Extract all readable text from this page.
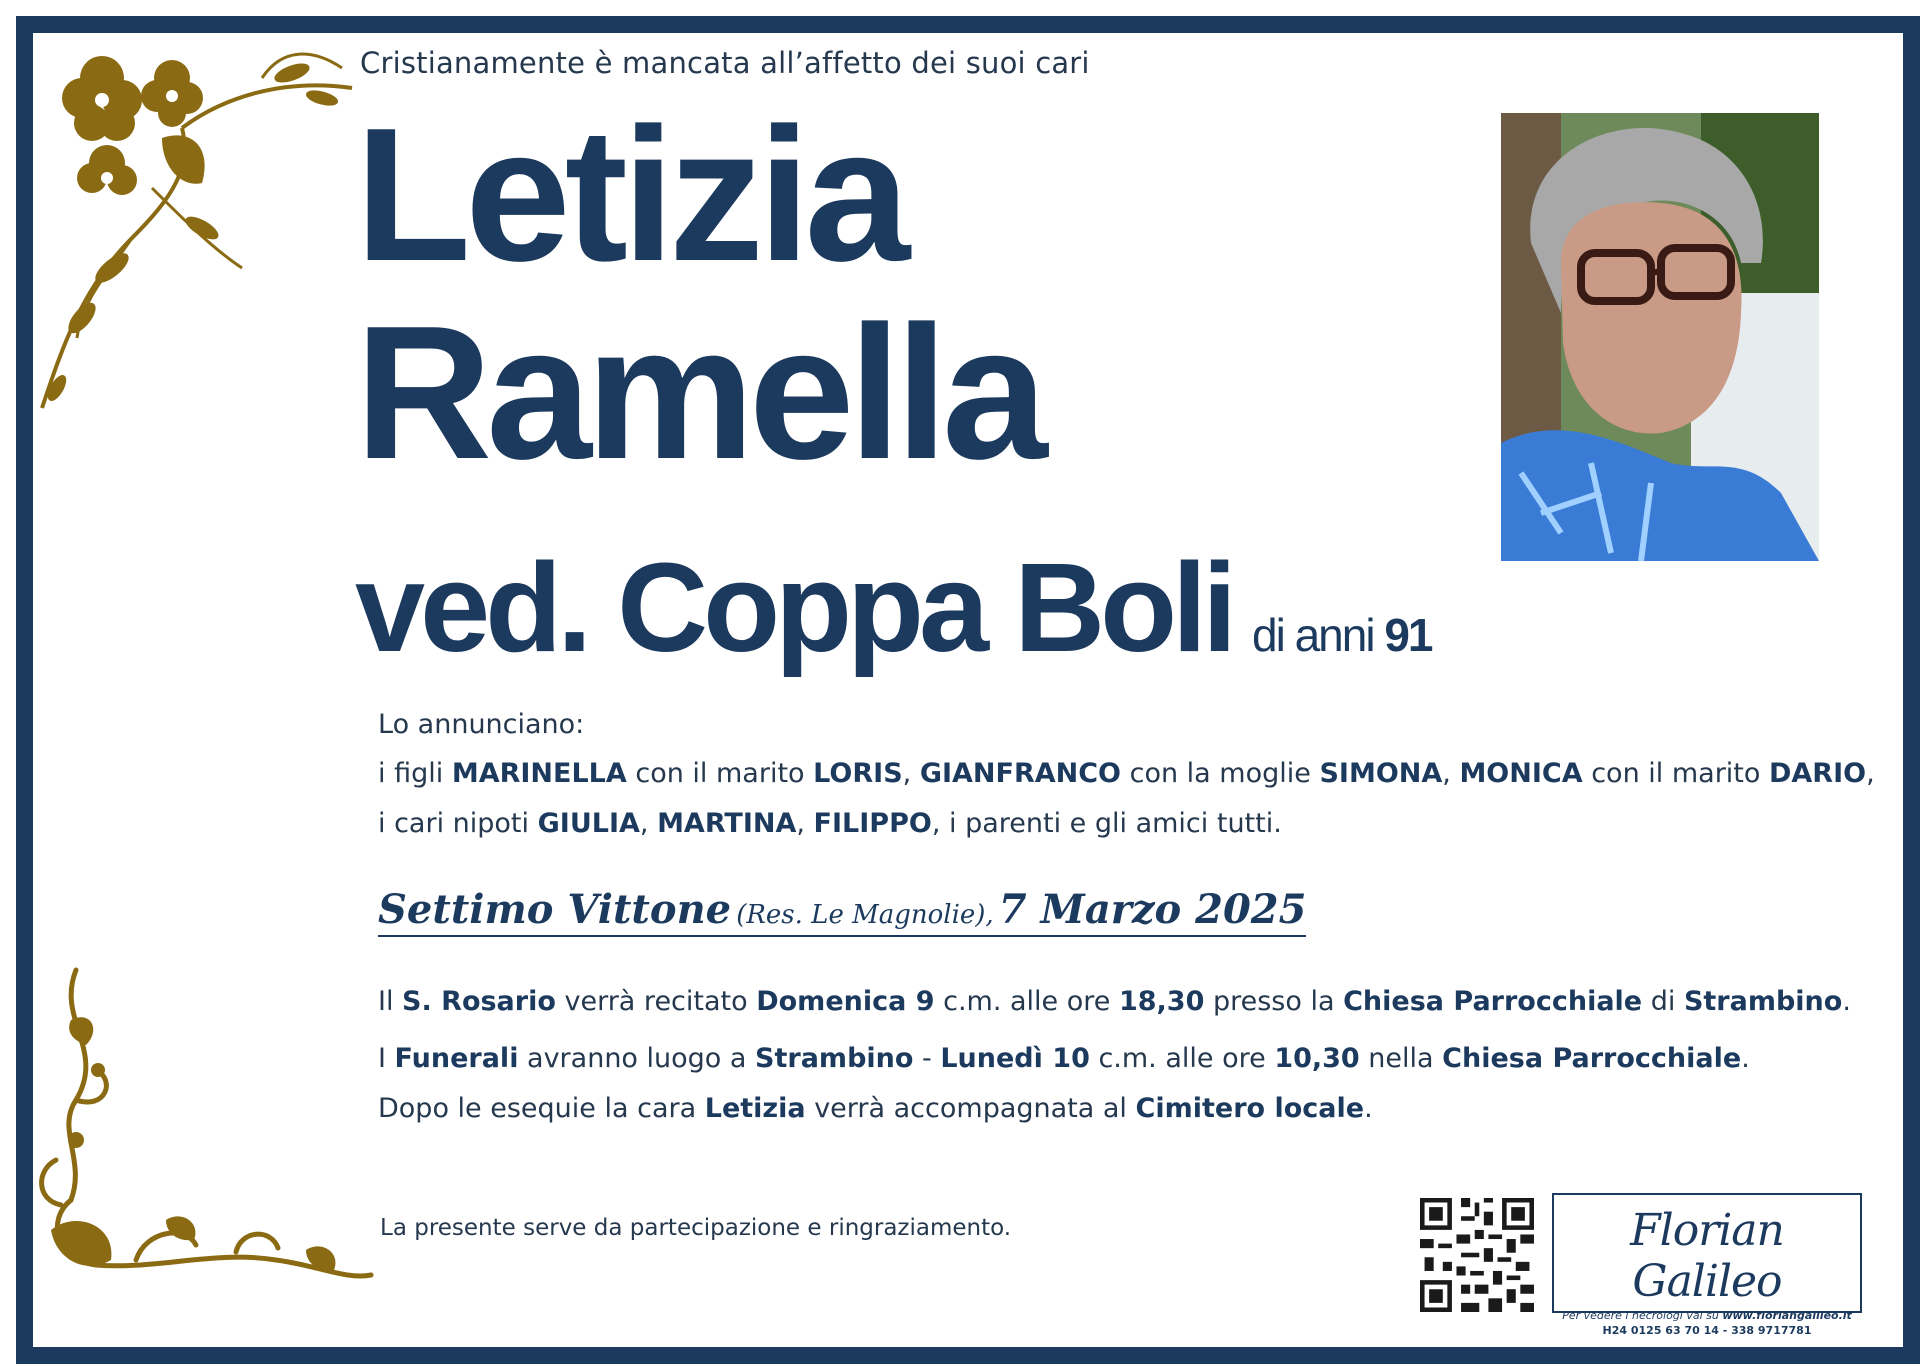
Cristianamente è mancata all’affetto dei suoi cari
Letizia
Ramella
ved. Coppa Boli di anni 91
Lo annunciano:
i figli MARINELLA con il marito LORIS, GIANFRANCO con la moglie SIMONA, MONICA con il marito DARIO,
i cari nipoti GIULIA, MARTINA, FILIPPO, i parenti e gli amici tutti.
Settimo Vittone (Res. Le Magnolie), 7 Marzo 2025
Il S. Rosario verrà recitato Domenica 9 c.m. alle ore 18,30 presso la Chiesa Parrocchiale di Strambino.
I Funerali avranno luogo a Strambino - Lunedì 10 c.m. alle ore 10,30 nella Chiesa Parrocchiale.
Dopo le esequie la cara Letizia verrà accompagnata al Cimitero locale.
La presente serve da partecipazione e ringraziamento.	Florian Galileo
Per vedere i necrologi vai su www.floriangalileo.it
H24 0125 63 70 14 - 338 9717781
